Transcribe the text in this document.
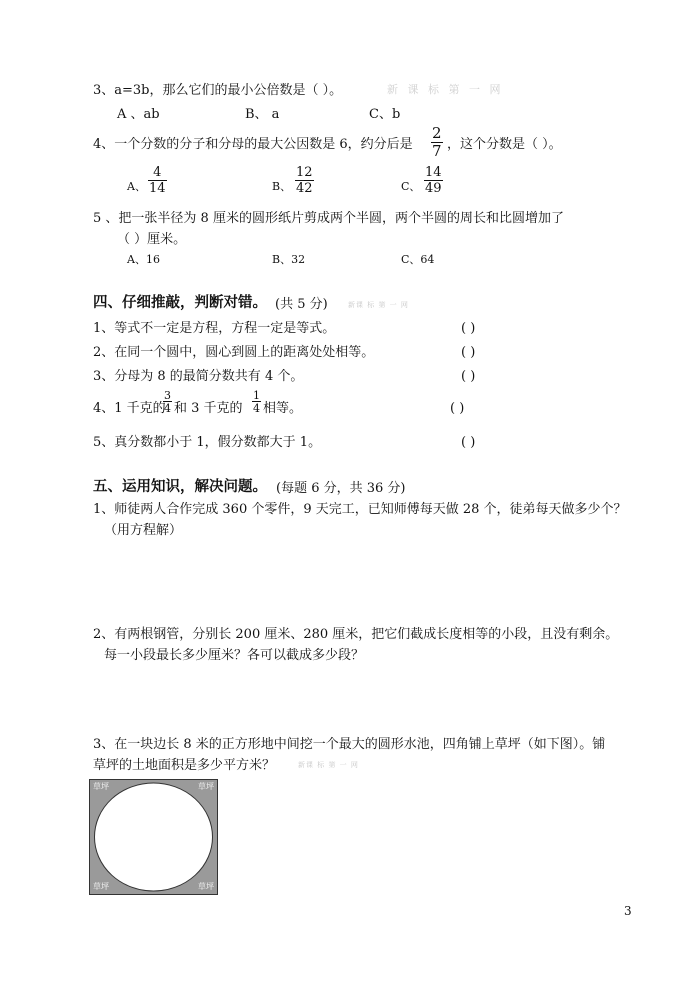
3、a=3b，那么它们的最小公倍数是（ ）。	新 课 标 第 一 网
A 、ab	B、 a	C、b
4、一个分数的分子和分母的最大公因数是 6，约分后是 $\frac{2}{7}$ ，这个分数是（ ）。
A、 $\frac{4}{14}$	B、 $\frac{12}{42}$	C、 $\frac{14}{49}$
5 、把一张半径为 8 厘米的圆形纸片剪成两个半圆，两个半圆的周长和比圆增加了
（ ）厘米。
A、16	B、32	C、64
四、仔细推敲，判断对错。 (共 5 分)	新课 标 第 一 网
1、等式不一定是方程，方程一定是等式。	( )
2、在同一个圆中，圆心到圆上的距离处处相等。	( )
3、分母为 8 的最简分数共有 4 个。	( )
4、1 千克的
$\frac{3}{4}$ 和 3 千克的 $\frac{1}{4}$ 相等。	( )
5、真分数都小于 1，假分数都大于 1。	( )
五、运用知识，解决问题。 (每题 6 分，共 36 分)
1、师徒两人合作完成 360 个零件，9 天完工，已知师傅每天做 28 个，徒弟每天做多少个？
（用方程解）
2、有两根钢管，分别长 200 厘米、280 厘米，把它们截成长度相等的小段，且没有剩余。
每一小段最长多少厘米？各可以截成多少段？
3、在一块边长 8 米的正方形地中间挖一个最大的圆形水池，四角铺上草坪（如下图）。铺
草坪的土地面积是多少平方米？	新课 标 第 一 网
草坪	草坪
草坪	草坪
3
